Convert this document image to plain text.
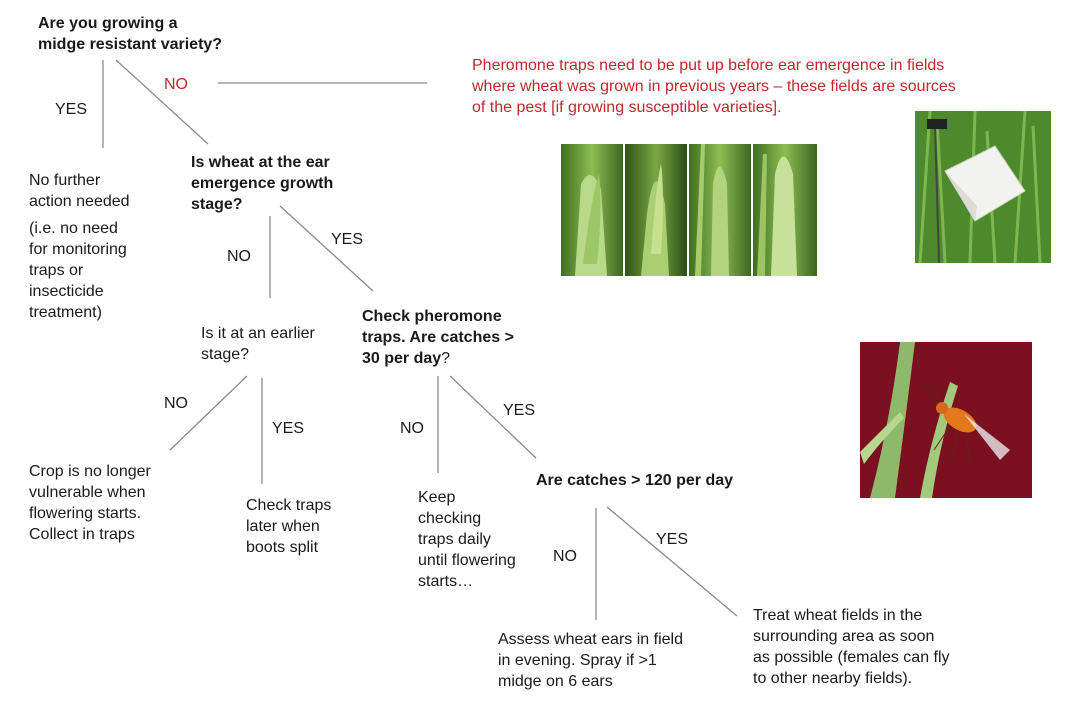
Are you growing a
midge resistant variety?
NO
YES
No further
action needed
(i.e. no need
for monitoring
traps or
insecticide
treatment)
Is wheat at the ear
emergence growth
stage?
NO
YES
Is it at an earlier
stage?
NO
YES
Crop is no longer
vulnerable when
flowering starts.
Collect in traps
Check traps
later when
boots split
Check pheromone
traps. Are catches >
30 per day?
NO
YES
Keep
checking
traps daily
until flowering
starts…
Are catches > 120 per day
NO
YES
Assess wheat ears in field
in evening. Spray if >1
midge on 6 ears
Treat wheat fields in the
surrounding area as soon
as possible (females can fly
to other nearby fields).
Pheromone traps need to be put up before ear emergence in fields
where wheat was grown in previous years – these fields are sources
of the pest [if growing susceptible varieties].
